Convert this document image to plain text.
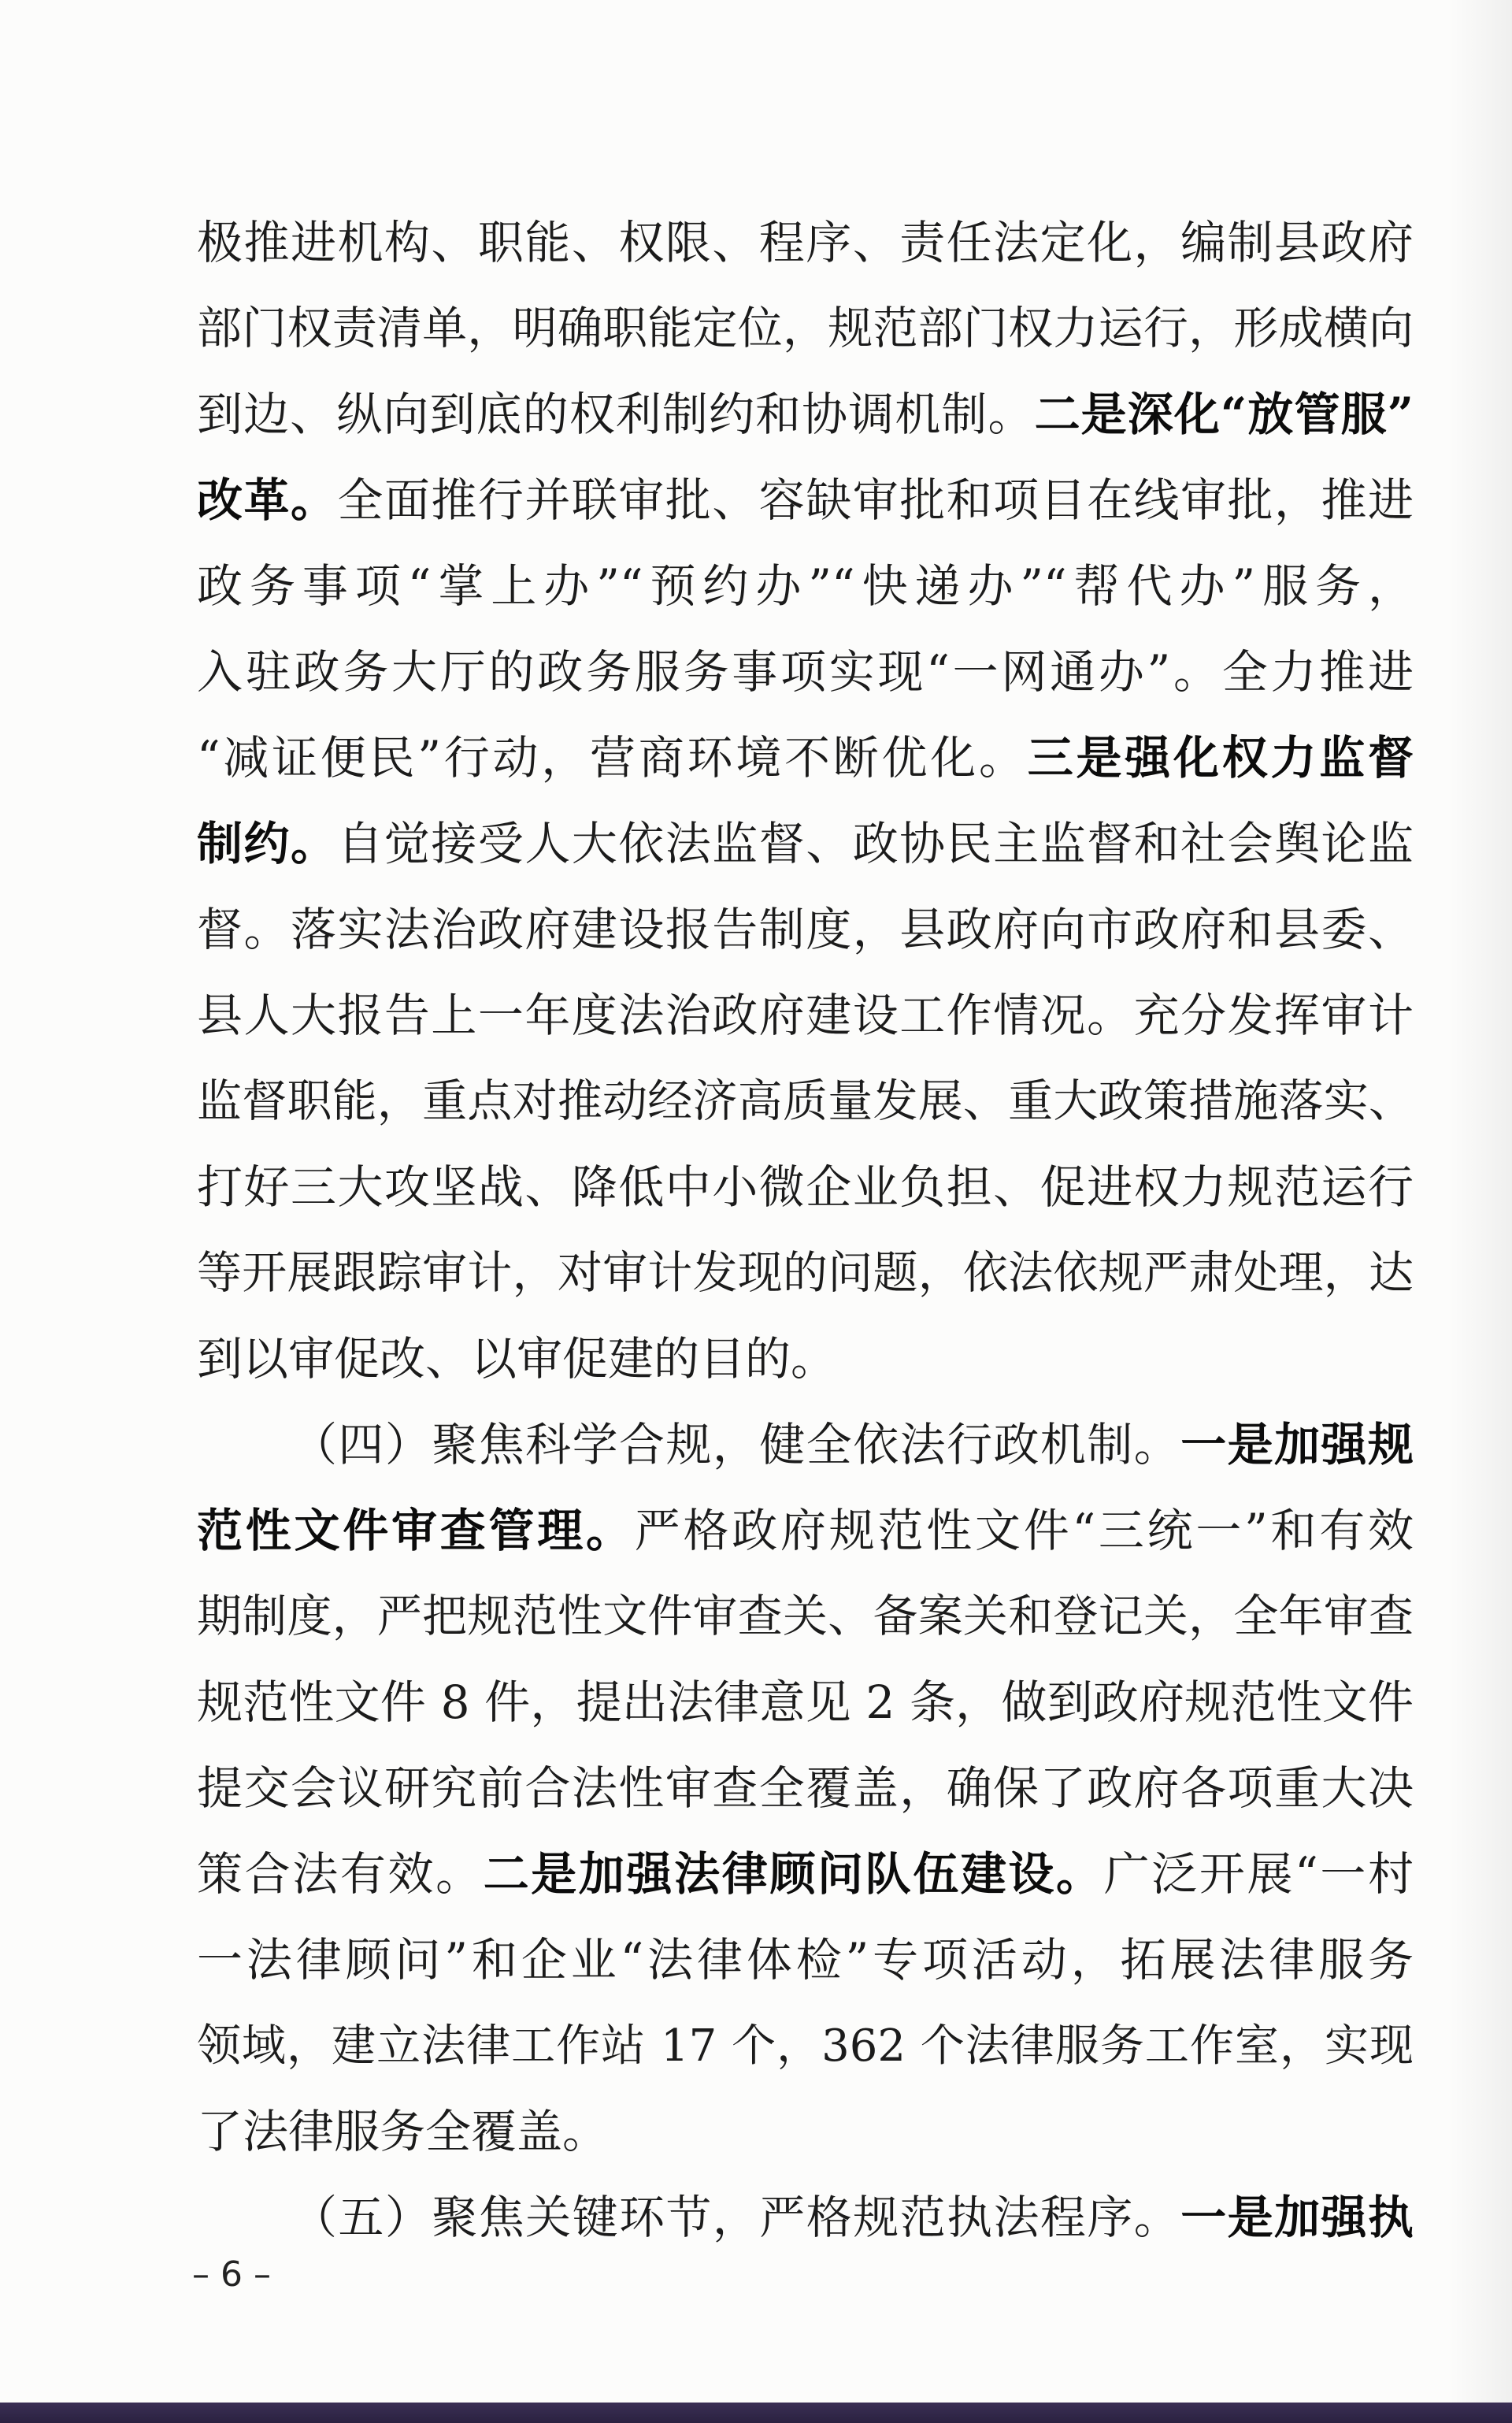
极推进机构、职能、权限、程序、责任法定化，编制县政府
部门权责清单，明确职能定位，规范部门权力运行，形成横向
到边、纵向到底的权利制约和协调机制。二是深化“放管服”
改革。全面推行并联审批、容缺审批和项目在线审批，推进
政务事项“掌上办”“预约办”“快递办”“帮代办”服务，
入驻政务大厅的政务服务事项实现“一网通办”。全力推进
“减证便民”行动，营商环境不断优化。三是强化权力监督
制约。自觉接受人大依法监督、政协民主监督和社会舆论监
督。落实法治政府建设报告制度，县政府向市政府和县委、
县人大报告上一年度法治政府建设工作情况。充分发挥审计
监督职能，重点对推动经济高质量发展、重大政策措施落实、
打好三大攻坚战、降低中小微企业负担、促进权力规范运行
等开展跟踪审计，对审计发现的问题，依法依规严肃处理，达
到以审促改、以审促建的目的。
（四）聚焦科学合规，健全依法行政机制。一是加强规
范性文件审查管理。严格政府规范性文件“三统一”和有效
期制度，严把规范性文件审查关、备案关和登记关，全年审查
规范性文件 8 件，提出法律意见 2 条，做到政府规范性文件
提交会议研究前合法性审查全覆盖，确保了政府各项重大决
策合法有效。二是加强法律顾问队伍建设。广泛开展“一村
一法律顾问”和企业“法律体检”专项活动，拓展法律服务
领域，建立法律工作站 17 个，362 个法律服务工作室，实现
了法律服务全覆盖。
（五）聚焦关键环节，严格规范执法程序。一是加强执
– 6 –
